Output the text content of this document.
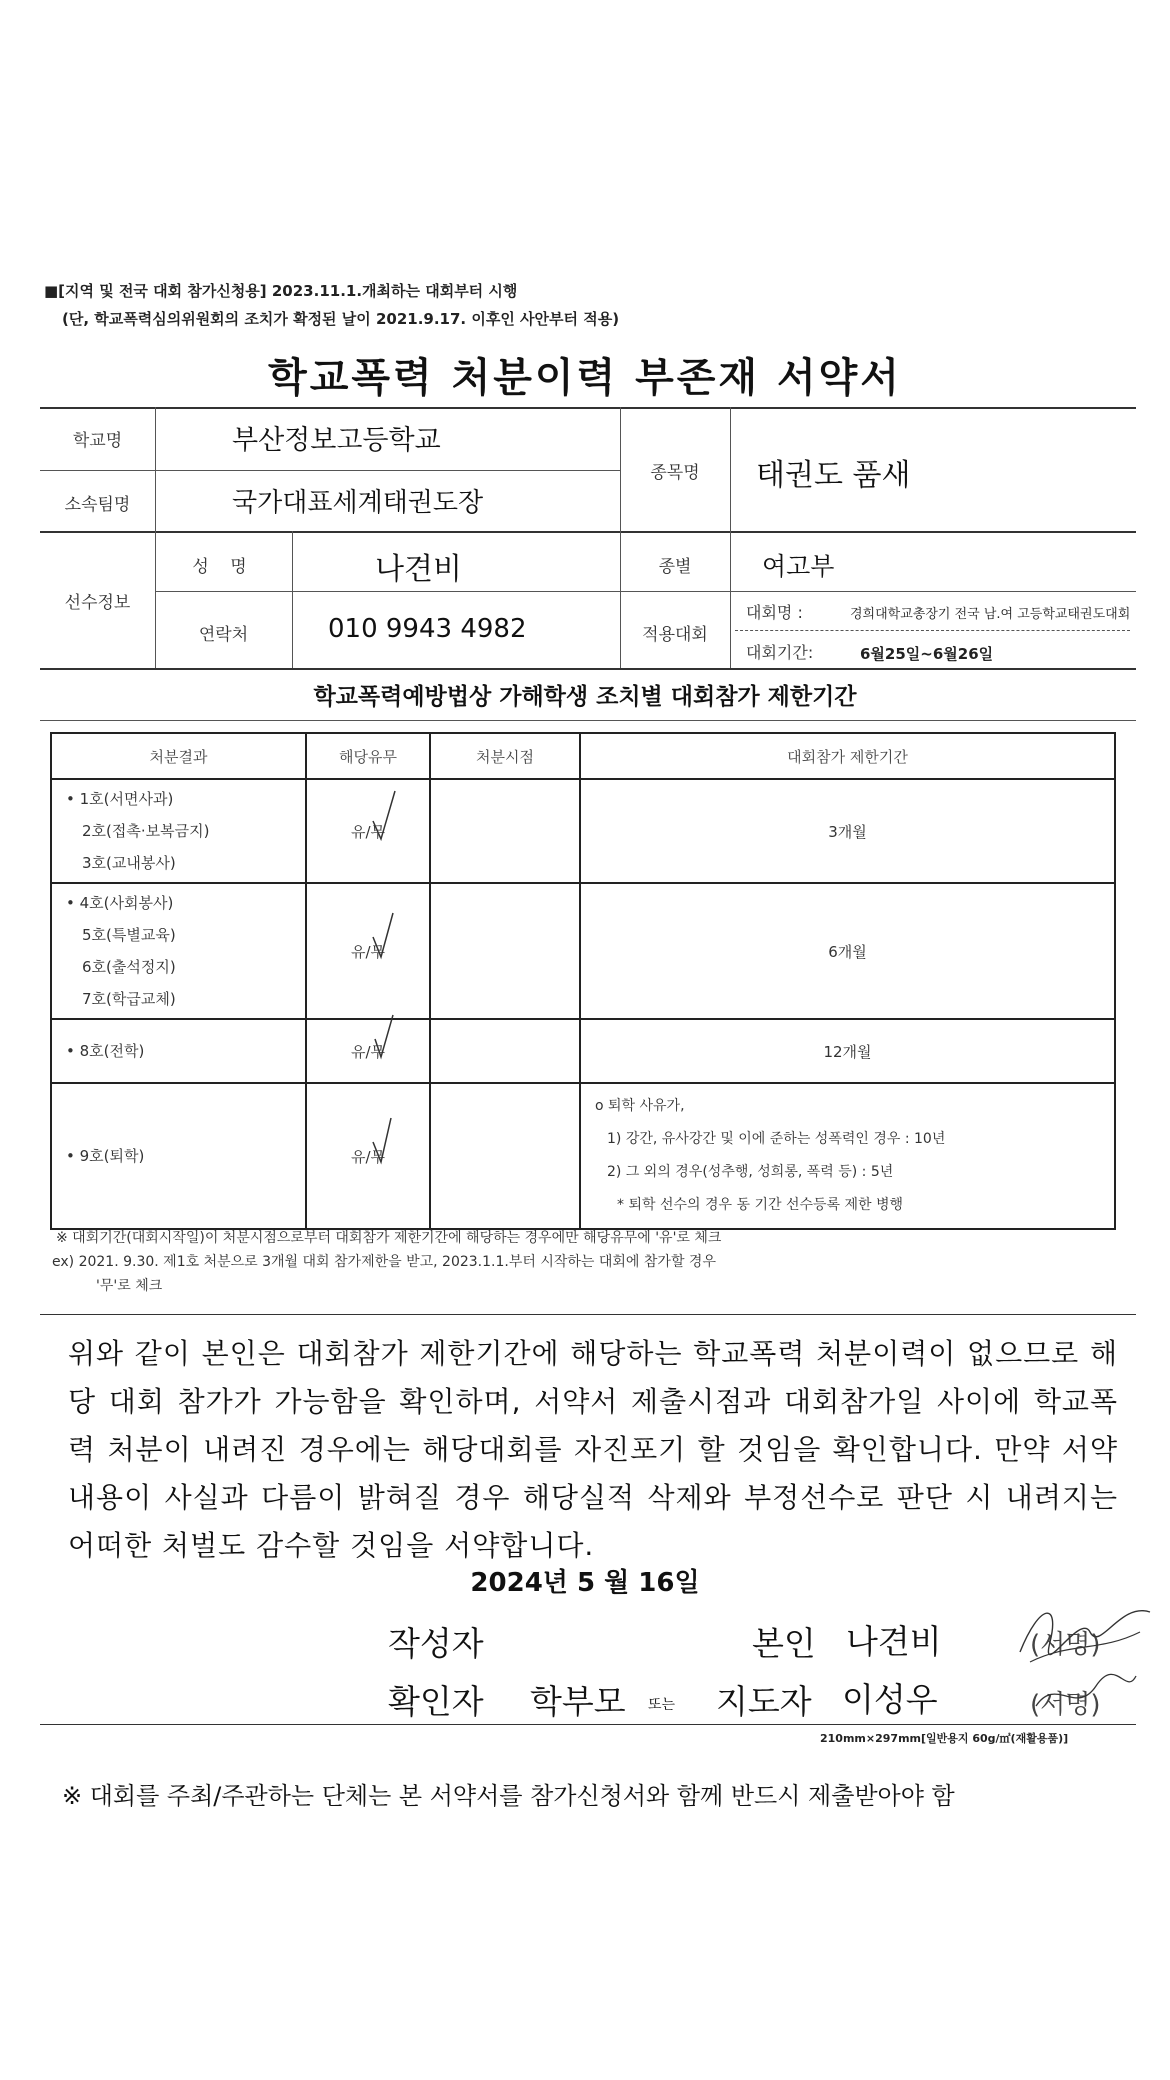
■[지역 및 전국 대회 참가신청용] 2023.11.1.개최하는 대회부터 시행
(단, 학교폭력심의위원회의 조치가 확정된 날이 2021.9.17. 이후인 사안부터 적용)
학교폭력 처분이력 부존재 서약서
학교명	부산정보고등학교
소속팀명	국가대표세계태권도장
종목명	태권도 품새
선수정보
성 명	나견비	종별	여고부
연락처	010 9943 4982	적용대회
대회명 :	경희대학교총장기 전국 남.여 고등학교태권도대회
대회기간:	6월25일~6월26일
학교폭력예방법상 가해학생 조치별 대회참가 제한기간
처분결과	해당유무	처분시점	대회참가 제한기간

• 1호(서면사과)
2호(접촉·보복금지)
3호(교내봉사)	유/무		3개월

• 4호(사회봉사)
5호(특별교육)
6호(출석정지)
7호(학급교체)	유/무		6개월

• 8호(전학)	유/무		12개월

• 9호(퇴학)	유/무		o 퇴학 사유가,
1) 강간, 유사강간 및 이에 준하는 성폭력인 경우 : 10년
2) 그 외의 경우(성추행, 성희롱, 폭력 등) : 5년
* 퇴학 선수의 경우 동 기간 선수등록 제한 병행
※ 대회기간(대회시작일)이 처분시점으로부터 대회참가 제한기간에 해당하는 경우에만 해당유무에 '유'로 체크
ex) 2021. 9.30. 제1호 처분으로 3개월 대회 참가제한을 받고, 2023.1.1.부터 시작하는 대회에 참가할 경우
'무'로 체크
위와 같이 본인은 대회참가 제한기간에 해당하는 학교폭력 처분이력이 없으므로 해당 대회 참가가 가능함을 확인하며, 서약서 제출시점과 대회참가일 사이에 학교폭력 처분이 내려진 경우에는 해당대회를 자진포기 할 것임을 확인합니다. 만약 서약내용이 사실과 다름이 밝혀질 경우 해당실적 삭제와 부정선수로 판단 시 내려지는 어떠한 처벌도 감수할 것임을 서약합니다.
2024년 5 월 16일
작성자	본인 나견비	(서명)
확인자 학부모 또는 지도자 이성우	(서명)
210mm×297mm[일반용지 60g/㎡(재활용품)]
※ 대회를 주최/주관하는 단체는 본 서약서를 참가신청서와 함께 반드시 제출받아야 함
